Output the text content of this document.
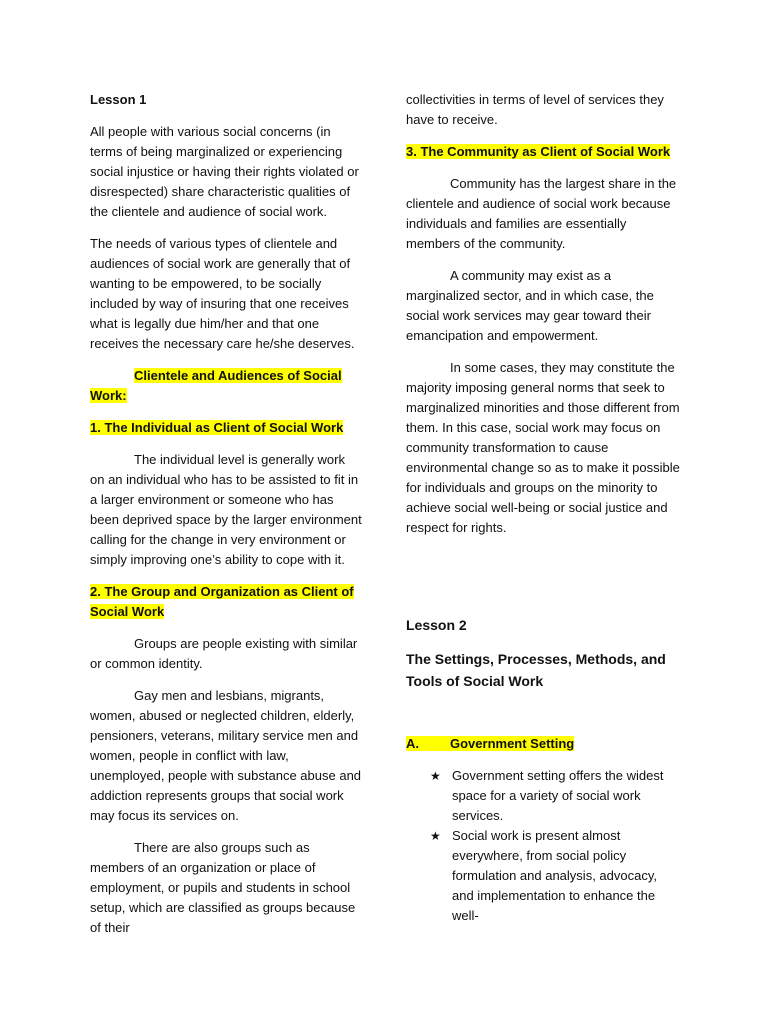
Lesson 1

All people with various social concerns (in terms of being marginalized or experiencing social injustice or having their rights violated or disrespected) share characteristic qualities of the clientele and audience of social work.

The needs of various types of clientele and audiences of social work are generally that of wanting to be empowered, to be socially included by way of insuring that one receives what is legally due him/her and that one receives the necessary care he/she deserves.

Clientele and Audiences of Social
Work:

1. The Individual as Client of Social Work

The individual level is generally work on an individual who has to be assisted to fit in a larger environment or someone who has been deprived space by the larger environment calling for the change in very environment or simply improving one’s ability to cope with it.

2. The Group and Organization as Client of Social Work

Groups are people existing with similar or common identity.

Gay men and lesbians, migrants, women, abused or neglected children, elderly, pensioners, veterans, military service men and women, people in conflict with law, unemployed, people with substance abuse and addiction represents groups that social work may focus its services on.

There are also groups such as members of an organization or place of employment, or pupils and students in school setup, which are classified as groups because of their

collectivities in terms of level of services they have to receive.

3. The Community as Client of Social Work

Community has the largest share in the clientele and audience of social work because individuals and families are essentially members of the community.

A community may exist as a marginalized sector, and in which case, the social work services may gear toward their emancipation and empowerment.

In some cases, they may constitute the majority imposing general norms that seek to marginalized minorities and those different from them. In this case, social work may focus on community transformation to cause environmental change so as to make it possible for individuals and groups on the minority to achieve social well-being or social justice and respect for rights.

Lesson 2

The Settings, Processes, Methods, and Tools of Social Work

A. Government Setting

★ Government setting offers the widest space for a variety of social work services.
★ Social work is present almost everywhere, from social policy formulation and analysis, advocacy, and implementation to enhance the well-
